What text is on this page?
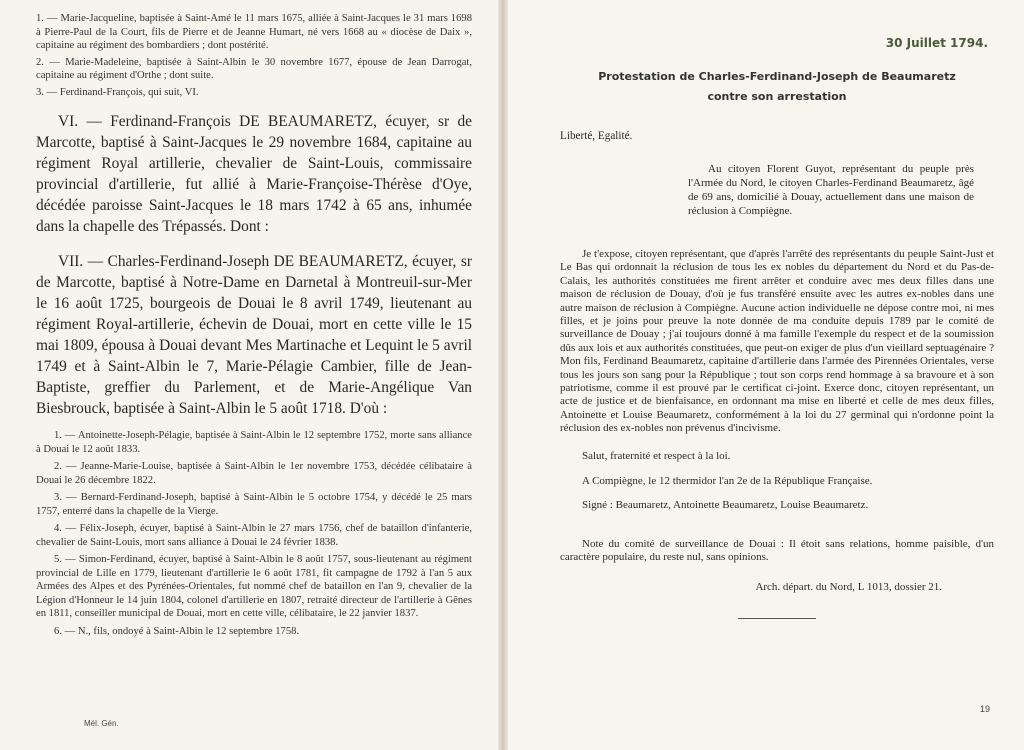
1. — Marie-Jacqueline, baptisée à Saint-Amé le 11 mars 1675, alliée à Saint-Jacques le 31 mars 1698 à Pierre-Paul de la Court, fils de Pierre et de Jeanne Humart, né vers 1668 au « diocèse de Daix », capitaine au régiment des bombardiers ; dont postérité.

2. — Marie-Madeleine, baptisée à Saint-Albin le 30 novembre 1677, épouse de Jean Darrogat, capitaine au régiment d'Orthe ; dont suite.

3. — Ferdinand-François, qui suit, VI.

VI. — Ferdinand-François DE BEAUMARETZ, écuyer, sr de Marcotte, baptisé à Saint-Jacques le 29 novembre 1684, capitaine au régiment Royal artillerie, chevalier de Saint-Louis, commissaire provincial d'artillerie, fut allié à Marie-Françoise-Thérèse d'Oye, décédée paroisse Saint-Jacques le 18 mars 1742 à 65 ans, inhumée dans la chapelle des Trépassés. Dont :

VII. — Charles-Ferdinand-Joseph DE BEAUMARETZ, écuyer, sr de Marcotte, baptisé à Notre-Dame en Darnetal à Montreuil-sur-Mer le 16 août 1725, bourgeois de Douai le 8 avril 1749, lieutenant au régiment Royal-artillerie, échevin de Douai, mort en cette ville le 15 mai 1809, épousa à Douai devant Mes Martinache et Lequint le 5 avril 1749 et à Saint-Albin le 7, Marie-Pélagie Cambier, fille de Jean-Baptiste, greffier du Parlement, et de Marie-Angélique Van Biesbrouck, baptisée à Saint-Albin le 5 août 1718. D'où :

1. — Antoinette-Joseph-Pélagie, baptisée à Saint-Albin le 12 septembre 1752, morte sans alliance à Douai le 12 août 1833.

2. — Jeanne-Marie-Louise, baptisée à Saint-Albin le 1er novembre 1753, décédée célibataire à Douai le 26 décembre 1822.

3. — Bernard-Ferdinand-Joseph, baptisé à Saint-Albin le 5 octobre 1754, y décédé le 25 mars 1757, enterré dans la chapelle de la Vierge.

4. — Félix-Joseph, écuyer, baptisé à Saint-Albin le 27 mars 1756, chef de bataillon d'infanterie, chevalier de Saint-Louis, mort sans alliance à Douai le 24 février 1838.

5. — Simon-Ferdinand, écuyer, baptisé à Saint-Albin le 8 août 1757, sous-lieutenant au régiment provincial de Lille en 1779, lieutenant d'artillerie le 6 août 1781, fit campagne de 1792 à l'an 5 aux Armées des Alpes et des Pyrénées-Orientales, fut nommé chef de bataillon en l'an 9, chevalier de la Légion d'Honneur le 14 juin 1804, colonel d'artillerie en 1807, retraité directeur de l'artillerie à Gênes en 1811, conseiller municipal de Douai, mort en cette ville, célibataire, le 22 janvier 1837.

6. — N., fils, ondoyé à Saint-Albin le 12 septembre 1758.

Mél. Gén.
30 Juillet 1794.
Protestation de Charles-Ferdinand-Joseph de Beaumaretz
contre son arrestation

Liberté, Egalité.

Au citoyen Florent Guyot, représentant du peuple près l'Armée du Nord, le citoyen Charles-Ferdinand Beaumaretz, âgé de 69 ans, domicilié à Douay, actuellement dans une maison de réclusion à Compiègne.

Je t'expose, citoyen représentant, que d'après l'arrêté des représentants du peuple Saint-Just et Le Bas qui ordonnait la réclusion de tous les ex nobles du département du Nord et du Pas-de-Calais, les authorités constituées me firent arrêter et conduire avec mes deux filles dans une maison de réclusion de Douay, d'où je fus transféré ensuite avec les autres ex-nobles dans une autre maison de réclusion à Compiègne. Aucune action individuelle ne dépose contre moi, ni mes filles, et je joins pour preuve la note donnée de ma conduite depuis 1789 par le comité de surveillance de Douay ; j'ai toujours donné à ma famille l'exemple du respect et de la soumission dûs aux lois et aux authorités constituées, que peut-on exiger de plus d'un vieillard septuagénaire ? Mon fils, Ferdinand Beaumaretz, capitaine d'artillerie dans l'armée des Pirennées Orientales, verse tous les jours son sang pour la République ; tout son corps rend hommage à sa bravoure et à son patriotisme, comme il est prouvé par le certificat ci-joint. Exerce donc, citoyen représentant, un acte de justice et de bienfaisance, en ordonnant ma mise en liberté et celle de mes deux filles, Antoinette et Louise Beaumaretz, conformément à la loi du 27 germinal qui n'ordonne point la réclusion des ex-nobles non prévenus d'incivisme.

Salut, fraternité et respect à la loi.

A Compiègne, le 12 thermidor l'an 2e de la République Française.

Signé : Beaumaretz, Antoinette Beaumaretz, Louise Beaumaretz.

Note du comité de surveillance de Douai : Il étoit sans relations, homme paisible, d'un caractère populaire, du reste nul, sans opinions.

Arch. départ. du Nord, L 1013, dossier 21.

19
